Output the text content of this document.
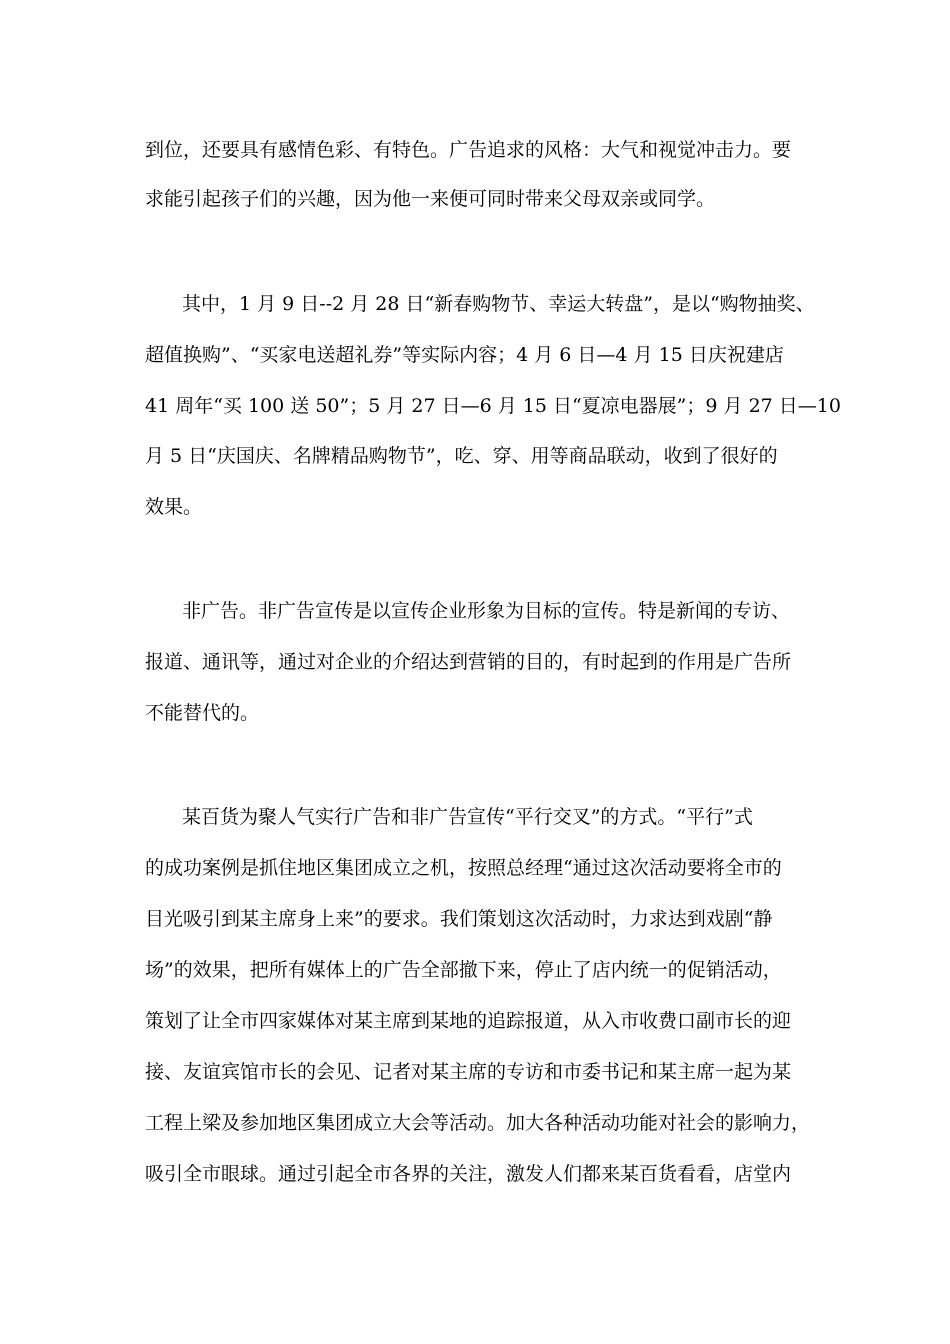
到位，还要具有感情色彩、有特色。广告追求的风格：大气和视觉冲击力。要
求能引起孩子们的兴趣，因为他一来便可同时带来父母双亲或同学。
其中，1 月 9 日--2 月 28 日“新春购物节、幸运大转盘”，是以“购物抽奖、
超值换购”、“买家电送超礼券”等实际内容；4 月 6 日—4 月 15 日庆祝建店
41 周年“买 100 送 50”；5 月 27 日—6 月 15 日“夏凉电器展”；9 月 27 日—10
月 5 日“庆国庆、名牌精品购物节”，吃、穿、用等商品联动，收到了很好的
效果。
非广告。非广告宣传是以宣传企业形象为目标的宣传。特是新闻的专访、
报道、通讯等，通过对企业的介绍达到营销的目的，有时起到的作用是广告所
不能替代的。
某百货为聚人气实行广告和非广告宣传“平行交叉”的方式。“平行”式
的成功案例是抓住地区集团成立之机，按照总经理“通过这次活动要将全市的
目光吸引到某主席身上来”的要求。我们策划这次活动时，力求达到戏剧“静
场”的效果，把所有媒体上的广告全部撤下来，停止了店内统一的促销活动，
策划了让全市四家媒体对某主席到某地的追踪报道，从入市收费口副市长的迎
接、友谊宾馆市长的会见、记者对某主席的专访和市委书记和某主席一起为某
工程上梁及参加地区集团成立大会等活动。加大各种活动功能对社会的影响力，
吸引全市眼球。通过引起全市各界的关注，激发人们都来某百货看看，店堂内
